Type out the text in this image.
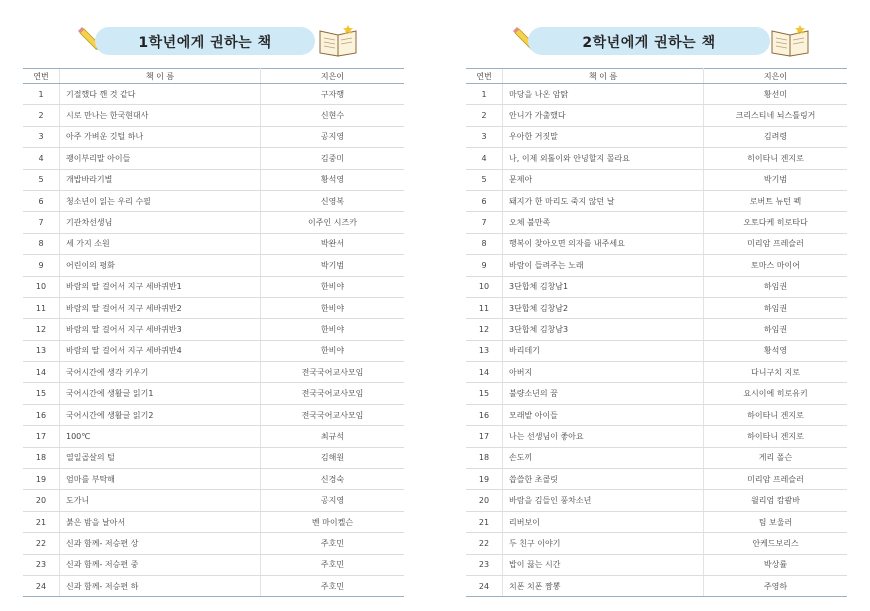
1학년에게 권하는 책
연번	책 이 름	지은이
1	기절했다 깬 것 같다	구자행
2	시로 만나는 한국현대사	신현수
3	아주 가벼운 깃털 하나	공지영
4	괭이부리말 아이들	김중미
5	개밥바라기별	황석영
6	청소년이 읽는 우리 수필	신영복
7	기관차선생님	이주인 시즈카
8	세 가지 소원	박완서
9	어린이의 평화	박기범
10	바람의 딸 걸어서 지구 세바퀴반1	한비야
11	바람의 딸 걸어서 지구 세바퀴반2	한비야
12	바람의 딸 걸어서 지구 세바퀴반3	한비야
13	바람의 딸 걸어서 지구 세바퀴반4	한비야
14	국어시간에 생각 키우기	전국국어교사모임
15	국어시간에 생활글 읽기1	전국국어교사모임
16	국어시간에 생활글 읽기2	전국국어교사모임
17	100℃	최규석
18	열일곱살의 털	김해원
19	엄마를 부탁해	신경숙
20	도가니	공지영
21	붉은 밤을 날아서	벤 마이켈슨
22	신과 함께- 저승편 상	주호민
23	신과 함께- 저승편 중	주호민
24	신과 함께- 저승편 하	주호민
2학년에게 권하는 책
연번	책 이 름	지은이
1	마당을 나온 암탉	황선미
2	안니가 가출했다	크리스티네 뇌스틀링거
3	우아한 거짓말	김려령
4	나, 이제 외톨이와 안녕할지 몰라요	히이타니 겐지로
5	문제아	박기범
6	돼지가 한 마리도 죽지 않던 날	로버트 뉴턴 펙
7	오체 불만족	오토다케 히로타다
8	행복이 찾아오면 의자를 내주세요	미리암 프레슬러
9	바람이 들려주는 노래	토마스 마이어
10	3단합체 김창남1	하임권
11	3단합체 김창남2	하임권
12	3단합체 김창남3	하임권
13	바리데기	황석영
14	아버지	다니구치 지로
15	불량소년의 꿈	요시이에 히로유키
16	모래밭 아이들	하이타니 겐지로
17	나는 선생님이 좋아요	하이타니 겐지로
18	손도끼	게리 폴슨
19	씁쓸한 초콜릿	미리암 프레슬러
20	바람을 김들인 풍차소년	윌리엄 캄쾀바
21	리버보이	팀 보울러
22	두 친구 이야기	안케드보리스
23	밥이 끓는 시간	박상률
24	치폰 치폰 짬뽕	주영하
